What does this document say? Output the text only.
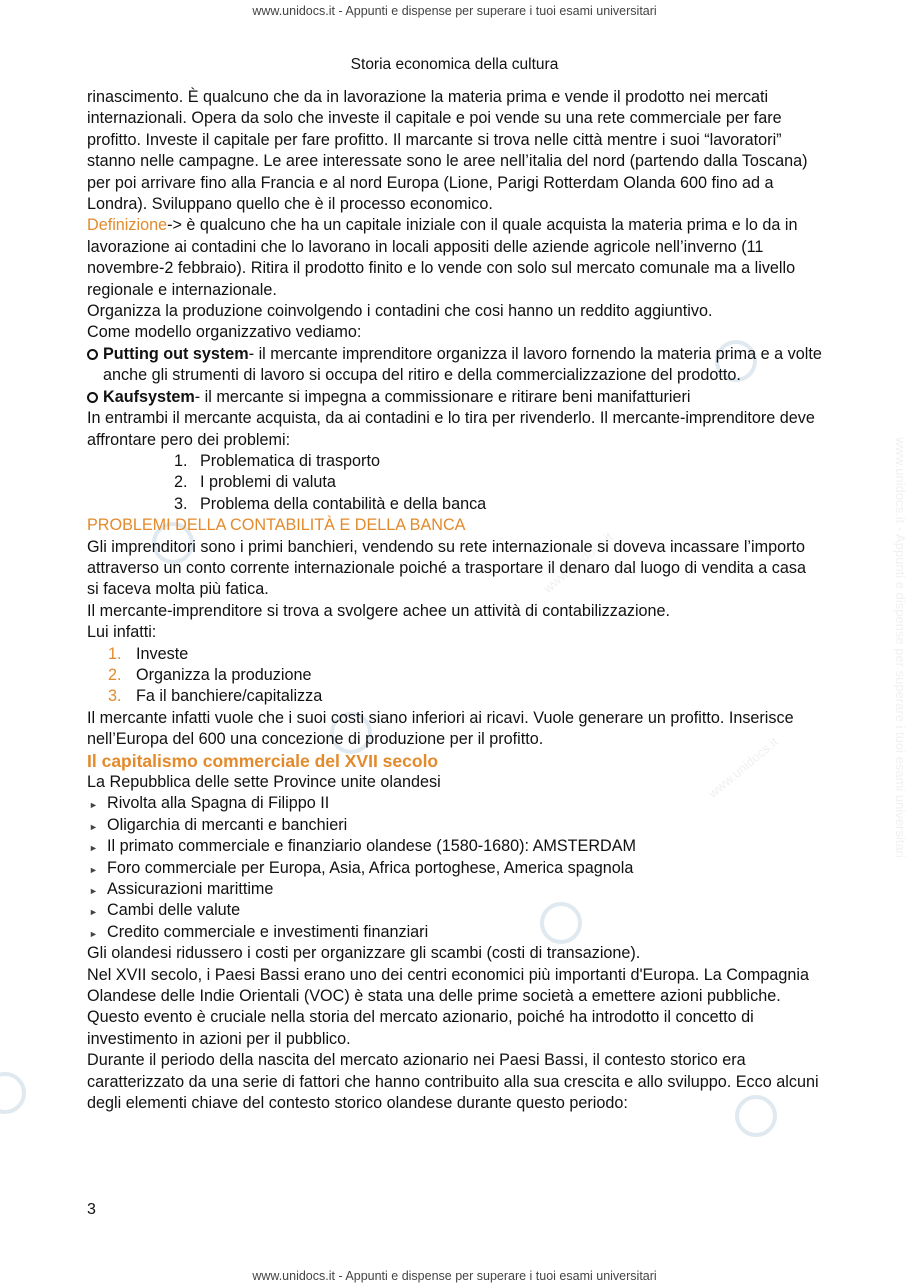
www.unidocs.it
www.unidocs.it	www.unidocs.it - Appunti e dispense per superare i tuoi esami universitari
www.unidocs.it - Appunti e dispense per superare i tuoi esami universitari
Storia economica della cultura

rinascimento. È qualcuno che da in lavorazione la materia prima e vende il prodotto nei mercati internazionali. Opera da solo che investe il capitale e poi vende su una rete commerciale per fare profitto. Investe il capitale per fare profitto. Il marcante si trova nelle città mentre i suoi “lavoratori” stanno nelle campagne. Le aree interessate sono le aree nell’italia del nord (partendo dalla Toscana) per poi arrivare fino alla Francia e al nord Europa (Lione, Parigi Rotterdam Olanda 600 fino ad a Londra). Sviluppano quello che è il processo economico.

Definizione-> è qualcuno che ha un capitale iniziale con il quale acquista la materia prima e lo da in lavorazione ai contadini che lo lavorano in locali appositi delle aziende agricole nell’inverno (11 novembre-2 febbraio). Ritira il prodotto finito e lo vende con solo sul mercato comunale ma a livello regionale e internazionale.

Organizza la produzione coinvolgendo i contadini che cosi hanno un reddito aggiuntivo.

Come modello organizzativo vediamo:

Putting out system- il mercante imprenditore organizza il lavoro fornendo la materia prima e a volte anche gli strumenti di lavoro si occupa del ritiro e della commercializzazione del prodotto.
Kaufsystem- il mercante si impegna a commissionare e ritirare beni manifatturieri

In entrambi il mercante acquista, da ai contadini e lo tira per rivenderlo. Il mercante-imprenditore deve affrontare pero dei problemi:

1. Problematica di trasporto
2. I problemi di valuta
3. Problema della contabilità e della banca

PROBLEMI DELLA CONTABILITÀ E DELLA BANCA

Gli imprenditori sono i primi banchieri, vendendo su rete internazionale si doveva incassare l’importo attraverso un conto corrente internazionale poiché a trasportare il denaro dal luogo di vendita a casa si faceva molta più fatica.

Il mercante-imprenditore si trova a svolgere achee un attività di contabilizzazione.

Lui infatti:

1. Investe
2. Organizza la produzione
3. Fa il banchiere/capitalizza

Il mercante infatti vuole che i suoi costi siano inferiori ai ricavi. Vuole generare un profitto. Inserisce nell’Europa del 600 una concezione di produzione per il profitto.

Il capitalismo commerciale del XVII secolo

La Repubblica delle sette Province unite olandesi

► Rivolta alla Spagna di Filippo II
► Oligarchia di mercanti e banchieri
► Il primato commerciale e finanziario olandese (1580-1680): AMSTERDAM
► Foro commerciale per Europa, Asia, Africa portoghese, America spagnola
► Assicurazioni marittime
► Cambi delle valute
► Credito commerciale e investimenti finanziari

Gli olandesi ridussero i costi per organizzare gli scambi (costi di transazione).

Nel XVII secolo, i Paesi Bassi erano uno dei centri economici più importanti d'Europa. La Compagnia Olandese delle Indie Orientali (VOC) è stata una delle prime società a emettere azioni pubbliche. Questo evento è cruciale nella storia del mercato azionario, poiché ha introdotto il concetto di investimento in azioni per il pubblico.

Durante il periodo della nascita del mercato azionario nei Paesi Bassi, il contesto storico era caratterizzato da una serie di fattori che hanno contribuito alla sua crescita e allo sviluppo. Ecco alcuni degli elementi chiave del contesto storico olandese durante questo periodo:

3
www.unidocs.it - Appunti e dispense per superare i tuoi esami universitari
